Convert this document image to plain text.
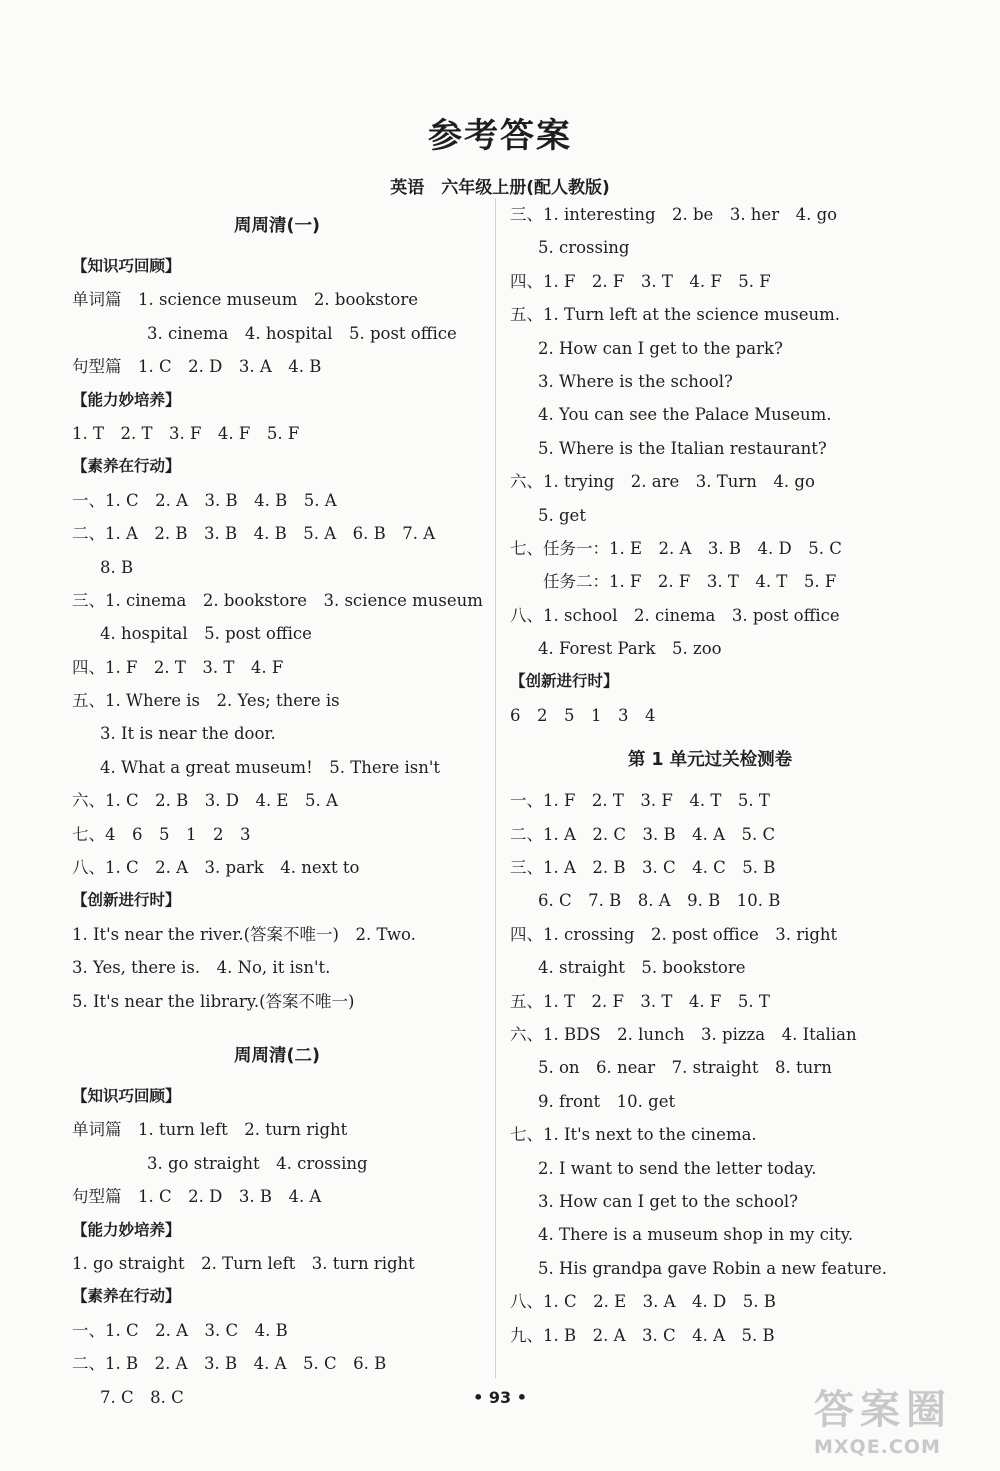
参考答案
英语　六年级上册(配人教版)
周周清(一)
【知识巧回顾】
单词篇　1. science museum　2. bookstore
3. cinema　4. hospital　5. post office
句型篇　1. C　2. D　3. A　4. B
【能力妙培养】
1. T　2. T　3. F　4. F　5. F
【素养在行动】
一、1. C　2. A　3. B　4. B　5. A
二、1. A　2. B　3. B　4. B　5. A　6. B　7. A
8. B
三、1. cinema　2. bookstore　3. science museum
4. hospital　5. post office
四、1. F　2. T　3. T　4. F
五、1. Where is　2. Yes; there is
3. It is near the door.
4. What a great museum!　5. There isn't
六、1. C　2. B　3. D　4. E　5. A
七、4　6　5　1　2　3
八、1. C　2. A　3. park　4. next to
【创新进行时】
1. It's near the river.(答案不唯一)　2. Two.
3. Yes, there is.　4. No, it isn't.
5. It's near the library.(答案不唯一)
周周清(二)
【知识巧回顾】
单词篇　1. turn left　2. turn right
3. go straight　4. crossing
句型篇　1. C　2. D　3. B　4. A
【能力妙培养】
1. go straight　2. Turn left　3. turn right
【素养在行动】
一、1. C　2. A　3. C　4. B
二、1. B　2. A　3. B　4. A　5. C　6. B
7. C　8. C
三、1. interesting　2. be　3. her　4. go
5. crossing
四、1. F　2. F　3. T　4. F　5. F
五、1. Turn left at the science museum.
2. How can I get to the park?
3. Where is the school?
4. You can see the Palace Museum.
5. Where is the Italian restaurant?
六、1. trying　2. are　3. Turn　4. go
5. get
七、任务一：1. E　2. A　3. B　4. D　5. C
　　任务二：1. F　2. F　3. T　4. T　5. F
八、1. school　2. cinema　3. post office
4. Forest Park　5. zoo
【创新进行时】
6　2　5　1　3　4
第 1 单元过关检测卷
一、1. F　2. T　3. F　4. T　5. T
二、1. A　2. C　3. B　4. A　5. C
三、1. A　2. B　3. C　4. C　5. B
6. C　7. B　8. A　9. B　10. B
四、1. crossing　2. post office　3. right
4. straight　5. bookstore
五、1. T　2. F　3. T　4. F　5. T
六、1. BDS　2. lunch　3. pizza　4. Italian
5. on　6. near　7. straight　8. turn
9. front　10. get
七、1. It's next to the cinema.
2. I want to send the letter today.
3. How can I get to the school?
4. There is a museum shop in my city.
5. His grandpa gave Robin a new feature.
八、1. C　2. E　3. A　4. D　5. B
九、1. B　2. A　3. C　4. A　5. B
• 93 •	答案圈
MXQE.COM
